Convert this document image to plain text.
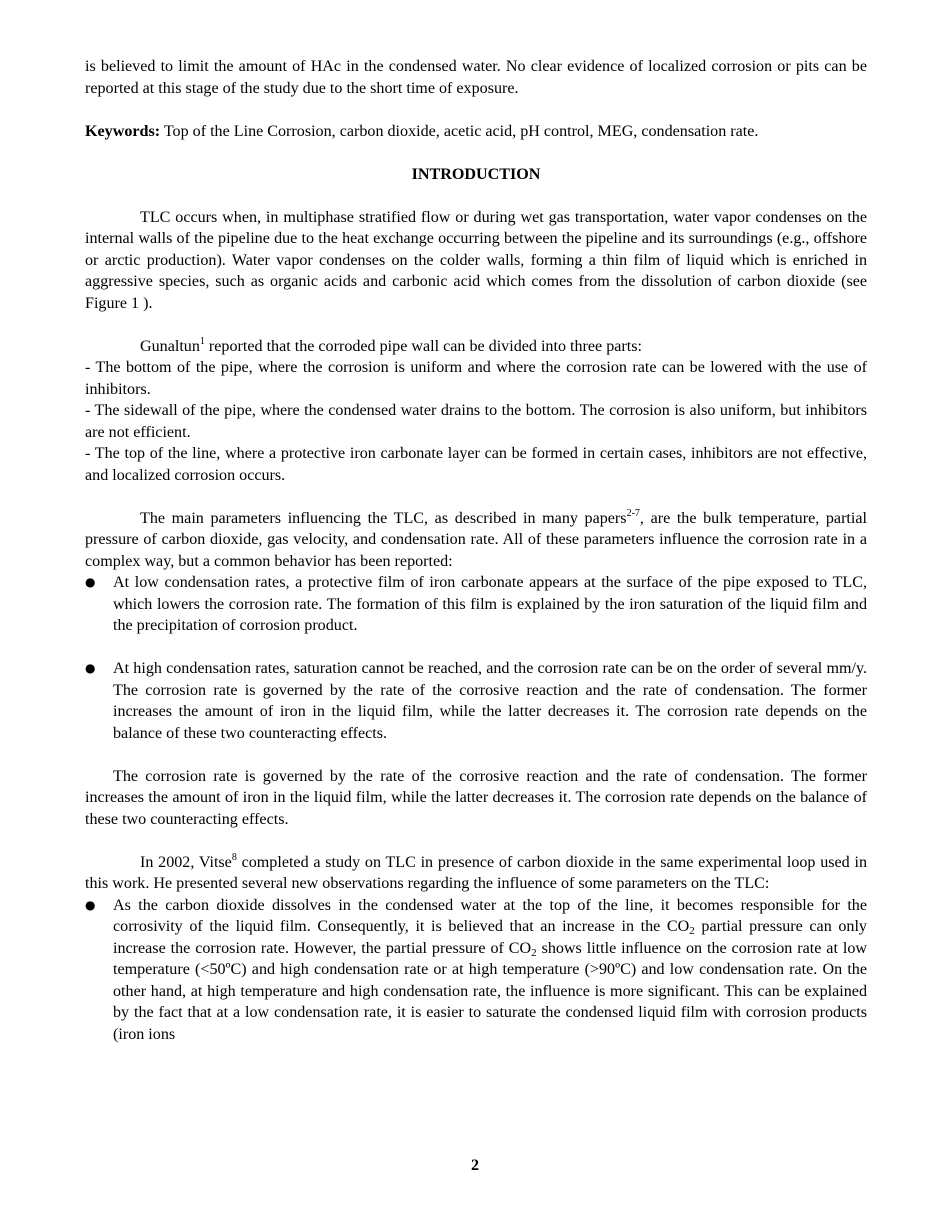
is believed to limit the amount of HAc in the condensed water. No clear evidence of localized corrosion or pits can be reported at this stage of the study due to the short time of exposure.

Keywords: Top of the Line Corrosion, carbon dioxide, acetic acid, pH control, MEG, condensation rate.

INTRODUCTION

TLC occurs when, in multiphase stratified flow or during wet gas transportation, water vapor condenses on the internal walls of the pipeline due to the heat exchange occurring between the pipeline and its surroundings (e.g., offshore or arctic production). Water vapor condenses on the colder walls, forming a thin film of liquid which is enriched in aggressive species, such as organic acids and carbonic acid which comes from the dissolution of carbon dioxide (see Figure 1 ).

Gunaltun$^1$ reported that the corroded pipe wall can be divided into three parts:

- The bottom of the pipe, where the corrosion is uniform and where the corrosion rate can be lowered with the use of inhibitors.

- The sidewall of the pipe, where the condensed water drains to the bottom. The corrosion is also uniform, but inhibitors are not efficient.

- The top of the line, where a protective iron carbonate layer can be formed in certain cases, inhibitors are not effective, and localized corrosion occurs.

The main parameters influencing the TLC, as described in many papers$^{2-7}$, are the bulk temperature, partial pressure of carbon dioxide, gas velocity, and condensation rate. All of these parameters influence the corrosion rate in a complex way, but a common behavior has been reported:

● At low condensation rates, a protective film of iron carbonate appears at the surface of the pipe exposed to TLC, which lowers the corrosion rate. The formation of this film is explained by the iron saturation of the liquid film and the precipitation of corrosion product.
● At high condensation rates, saturation cannot be reached, and the corrosion rate can be on the order of several mm/y. The corrosion rate is governed by the rate of the corrosive reaction and the rate of condensation. The former increases the amount of iron in the liquid film, while the latter decreases it. The corrosion rate depends on the balance of these two counteracting effects.

The corrosion rate is governed by the rate of the corrosive reaction and the rate of condensation. The former increases the amount of iron in the liquid film, while the latter decreases it. The corrosion rate depends on the balance of these two counteracting effects.

In 2002, Vitse$^8$ completed a study on TLC in presence of carbon dioxide in the same experimental loop used in this work. He presented several new observations regarding the influence of some parameters on the TLC:

● As the carbon dioxide dissolves in the condensed water at the top of the line, it becomes responsible for the corrosivity of the liquid film. Consequently, it is believed that an increase in the $CO_2$ partial pressure can only increase the corrosion rate. However, the partial pressure of $CO_2$ shows little influence on the corrosion rate at low temperature (<50ºC) and high condensation rate or at high temperature (>90ºC) and low condensation rate. On the other hand, at high temperature and high condensation rate, the influence is more significant. This can be explained by the fact that at a low condensation rate, it is easier to saturate the condensed liquid film with corrosion products (iron ions
2
